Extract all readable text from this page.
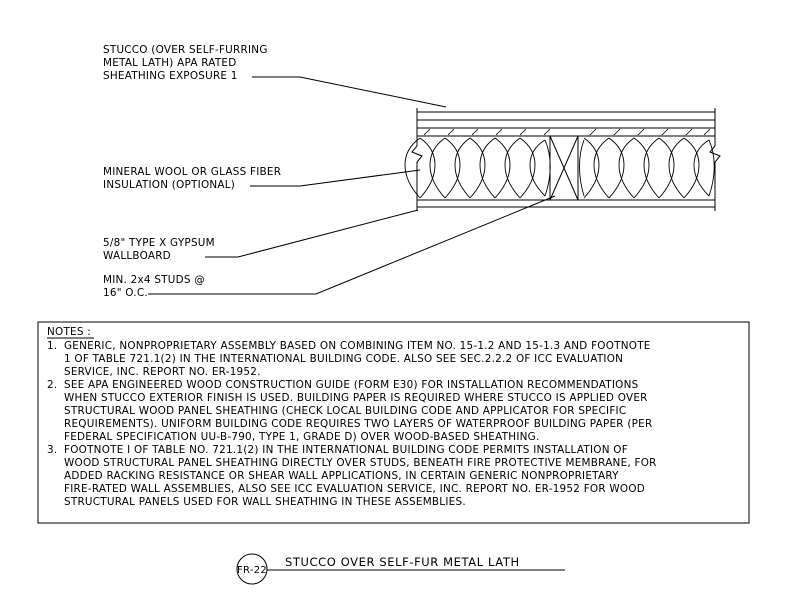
STUCCO (OVER SELF-FURRING
METAL LATH) APA RATED
SHEATHING EXPOSURE 1
MINERAL WOOL OR GLASS FIBER
INSULATION (OPTIONAL)
5/8" TYPE X GYPSUM
WALLBOARD
MIN. 2x4 STUDS @
16" O.C.
NOTES :
1. GENERIC, NONPROPRIETARY ASSEMBLY BASED ON COMBINING ITEM NO. 15-1.2 AND 15-1.3 AND FOOTNOTE
1 OF TABLE 721.1(2) IN THE INTERNATIONAL BUILDING CODE. ALSO SEE SEC.2.2.2 OF ICC EVALUATION
SERVICE, INC. REPORT NO. ER-1952.
2. SEE APA ENGINEERED WOOD CONSTRUCTION GUIDE (FORM E30) FOR INSTALLATION RECOMMENDATIONS
WHEN STUCCO EXTERIOR FINISH IS USED. BUILDING PAPER IS REQUIRED WHERE STUCCO IS APPLIED OVER
STRUCTURAL WOOD PANEL SHEATHING (CHECK LOCAL BUILDING CODE AND APPLICATOR FOR SPECIFIC
REQUIREMENTS). UNIFORM BUILDING CODE REQUIRES TWO LAYERS OF WATERPROOF BUILDING PAPER (PER
FEDERAL SPECIFICATION UU-B-790, TYPE 1, GRADE D) OVER WOOD-BASED SHEATHING.
3. FOOTNOTE I OF TABLE NO. 721.1(2) IN THE INTERNATIONAL BUILDING CODE PERMITS INSTALLATION OF
WOOD STRUCTURAL PANEL SHEATHING DIRECTLY OVER STUDS, BENEATH FIRE PROTECTIVE MEMBRANE, FOR
ADDED RACKING RESISTANCE OR SHEAR WALL APPLICATIONS, IN CERTAIN GENERIC NONPROPRIETARY
FIRE-RATED WALL ASSEMBLIES, ALSO SEE ICC EVALUATION SERVICE, INC. REPORT NO. ER-1952 FOR WOOD
STRUCTURAL PANELS USED FOR WALL SHEATHING IN THESE ASSEMBLIES.
FR-22
STUCCO OVER SELF-FUR METAL LATH
